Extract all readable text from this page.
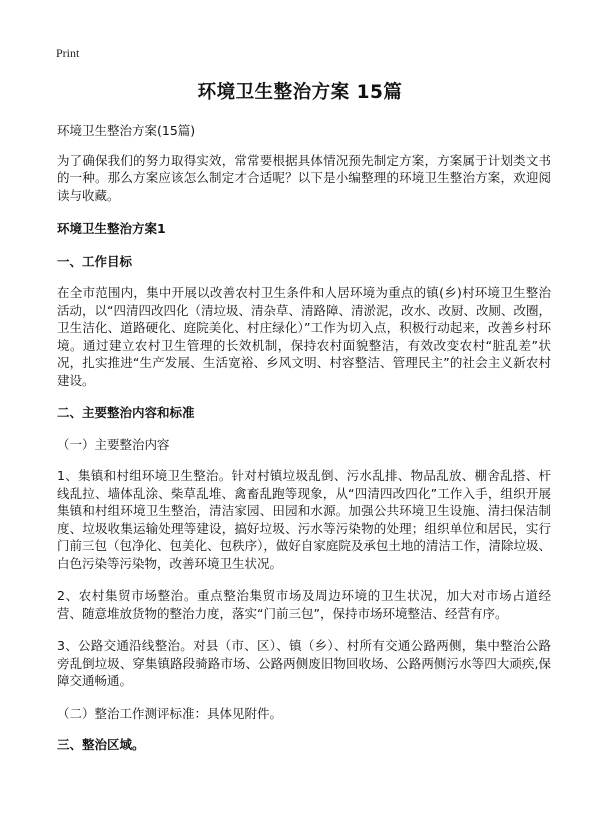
Print
环境卫生整治方案 15篇

环境卫生整治方案(15篇)

为了确保我们的努力取得实效，常常要根据具体情况预先制定方案，方案属于计划类文书的一种。那么方案应该怎么制定才合适呢？以下是小编整理的环境卫生整治方案，欢迎阅读与收藏。

环境卫生整治方案1

一、工作目标

在全市范围内，集中开展以改善农村卫生条件和人居环境为重点的镇(乡)村环境卫生整治活动，以“四清四改四化（清垃圾、清杂草、清路障、清淤泥，改水、改厨、改厕、改圈，卫生洁化、道路硬化、庭院美化、村庄绿化）”工作为切入点，积极行动起来，改善乡村环境。通过建立农村卫生管理的长效机制，保持农村面貌整洁，有效改变农村“脏乱差”状况，扎实推进“生产发展、生活宽裕、乡风文明、村容整洁、管理民主”的社会主义新农村建设。

二、主要整治内容和标准

（一）主要整治内容

1、集镇和村组环境卫生整治。针对村镇垃圾乱倒、污水乱排、物品乱放、棚舍乱搭、杆线乱拉、墙体乱涂、柴草乱堆、禽畜乱跑等现象，从“四清四改四化”工作入手，组织开展集镇和村组环境卫生整治，清洁家园、田园和水源。加强公共环境卫生设施、清扫保洁制度、垃圾收集运输处理等建设，搞好垃圾、污水等污染物的处理；组织单位和居民，实行门前三包（包净化、包美化、包秩序），做好自家庭院及承包土地的清洁工作，清除垃圾、白色污染等污染物，改善环境卫生状况。

2、农村集贸市场整治。重点整治集贸市场及周边环境的卫生状况，加大对市场占道经营、随意堆放货物的整治力度，落实“门前三包”，保持市场环境整洁、经营有序。

3、公路交通沿线整治。对县（市、区）、镇（乡）、村所有交通公路两侧，集中整治公路旁乱倒垃圾、穿集镇路段骑路市场、公路两侧废旧物回收场、公路两侧污水等四大顽疾,保障交通畅通。

（二）整治工作测评标准：具体见附件。

三、整治区域。
